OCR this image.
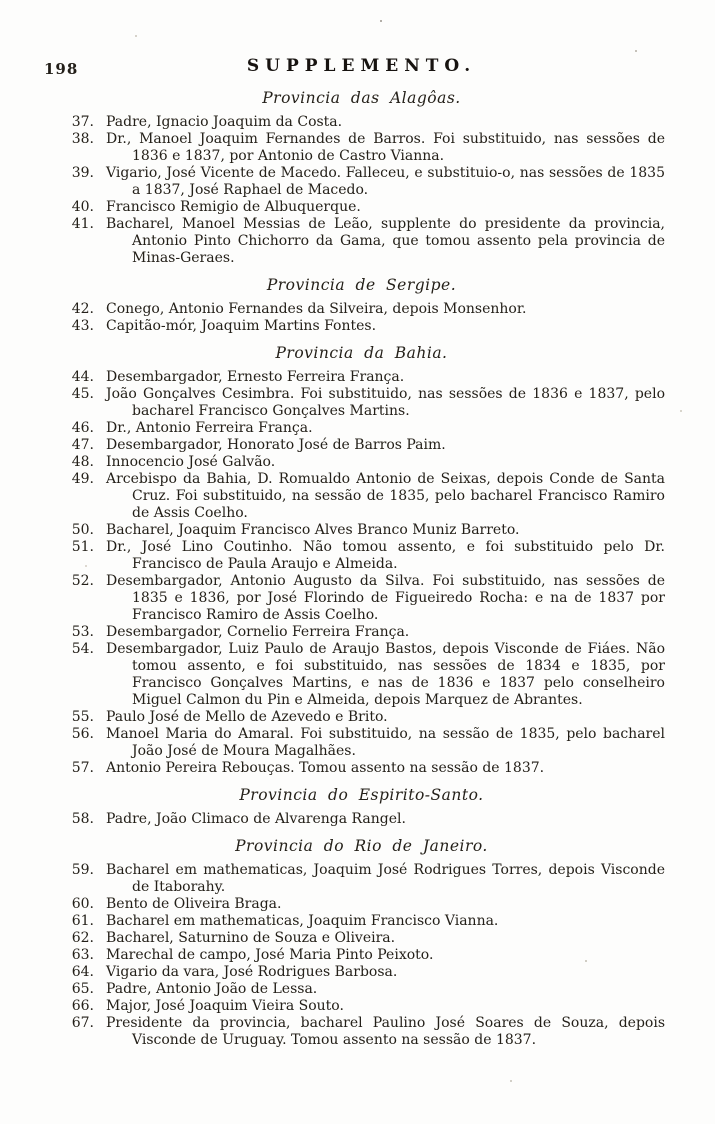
198	SUPPLEMENTO.
Provincia das Alagôas.
37. Padre, Ignacio Joaquim da Costa.
38. Dr., Manoel Joaquim Fernandes de Barros. Foi substituido, nas sessões de 1836 e 1837, por Antonio de Castro Vianna.
39. Vigario, José Vicente de Macedo. Falleceu, e substituio-o, nas sessões de 1835 a 1837, José Raphael de Macedo.
40. Francisco Remigio de Albuquerque.
41. Bacharel, Manoel Messias de Leão, supplente do presidente da provincia, Antonio Pinto Chichorro da Gama, que tomou assento pela provincia de Minas-Geraes.
Provincia de Sergipe.
42. Conego, Antonio Fernandes da Silveira, depois Monsenhor.
43. Capitão-mór, Joaquim Martins Fontes.
Provincia da Bahia.
44. Desembargador, Ernesto Ferreira França.
45. João Gonçalves Cesimbra. Foi substituido, nas sessões de 1836 e 1837, pelo bacharel Francisco Gonçalves Martins.
46. Dr., Antonio Ferreira França.
47. Desembargador, Honorato José de Barros Paim.
48. Innocencio José Galvão.
49. Arcebispo da Bahia, D. Romualdo Antonio de Seixas, depois Conde de Santa Cruz. Foi substituido, na sessão de 1835, pelo bacharel Francisco Ramiro de Assis Coelho.
50. Bacharel, Joaquim Francisco Alves Branco Muniz Barreto.
51. Dr., José Lino Coutinho. Não tomou assento, e foi substituido pelo Dr. Francisco de Paula Araujo e Almeida.
52. Desembargador, Antonio Augusto da Silva. Foi substituido, nas sessões de 1835 e 1836, por José Florindo de Figueiredo Rocha: e na de 1837 por Francisco Ramiro de Assis Coelho.
53. Desembargador, Cornelio Ferreira França.
54. Desembargador, Luiz Paulo de Araujo Bastos, depois Visconde de Fiáes. Não tomou assento, e foi substituido, nas sessões de 1834 e 1835, por Francisco Gonçalves Martins, e nas de 1836 e 1837 pelo conselheiro Miguel Calmon du Pin e Almeida, depois Marquez de Abrantes.
55. Paulo José de Mello de Azevedo e Brito.
56. Manoel Maria do Amaral. Foi substituido, na sessão de 1835, pelo bacharel João José de Moura Magalhães.
57. Antonio Pereira Rebouças. Tomou assento na sessão de 1837.
Provincia do Espirito-Santo.
58. Padre, João Climaco de Alvarenga Rangel.
Provincia do Rio de Janeiro.
59. Bacharel em mathematicas, Joaquim José Rodrigues Torres, depois Visconde de Itaborahy.
60. Bento de Oliveira Braga.
61. Bacharel em mathematicas, Joaquim Francisco Vianna.
62. Bacharel, Saturnino de Souza e Oliveira.
63. Marechal de campo, José Maria Pinto Peixoto.
64. Vigario da vara, José Rodrigues Barbosa.
65. Padre, Antonio João de Lessa.
66. Major, José Joaquim Vieira Souto.
67. Presidente da provincia, bacharel Paulino José Soares de Souza, depois Visconde de Uruguay. Tomou assento na sessão de 1837.
